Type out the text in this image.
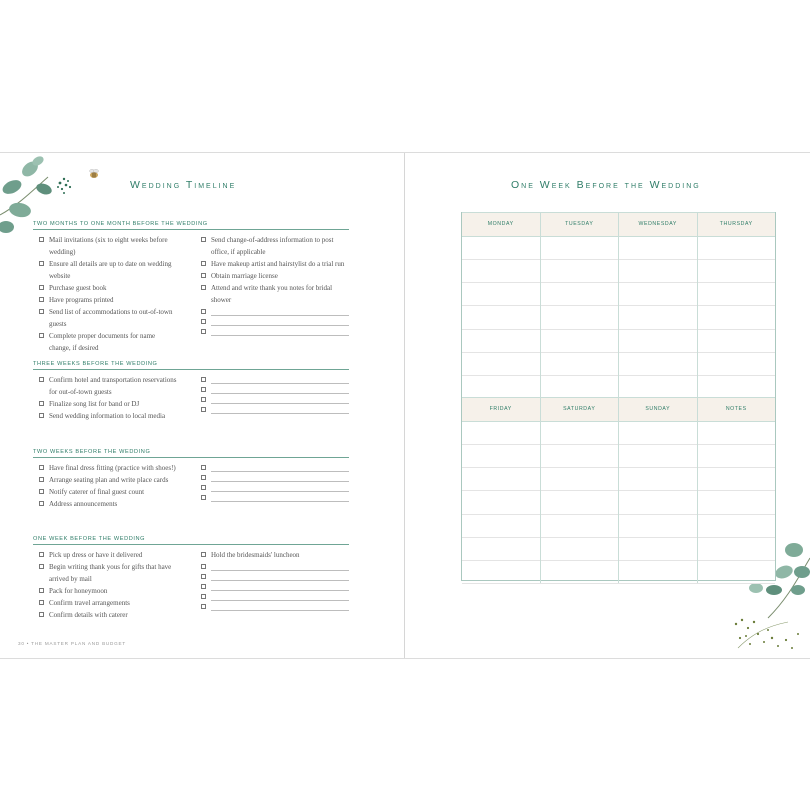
Wedding Timeline
TWO MONTHS TO ONE MONTH BEFORE THE WEDDING
Mail invitations (six to eight weeks before wedding)
Ensure all details are up to date on wedding
website
Purchase guest book
Have programs printed
Send list of accommodations to out-of-town
guests
Complete proper documents for name
change, if desired
Send change-of-address information to post
office, if applicable
Have makeup artist and hairstylist do a trial run
Obtain marriage license
Attend and write thank you notes for bridal
shower
THREE WEEKS BEFORE THE WEDDING
Confirm hotel and transportation reservations
for out-of-town guests
Finalize song list for band or DJ
Send wedding information to local media
TWO WEEKS BEFORE THE WEDDING
Have final dress fitting (practice with shoes!)
Arrange seating plan and write place cards
Notify caterer of final guest count
Address announcements
ONE WEEK BEFORE THE WEDDING
Pick up dress or have it delivered
Begin writing thank yous for gifts that have
arrived by mail
Pack for honeymoon
Confirm travel arrangements
Confirm details with caterer
Hold the bridesmaids' luncheon
30 • THE MASTER PLAN AND BUDGET
One Week Before the Wedding
MONDAY	TUESDAY	WEDNESDAY	THURSDAY
FRIDAY	SATURDAY	SUNDAY	NOTES
